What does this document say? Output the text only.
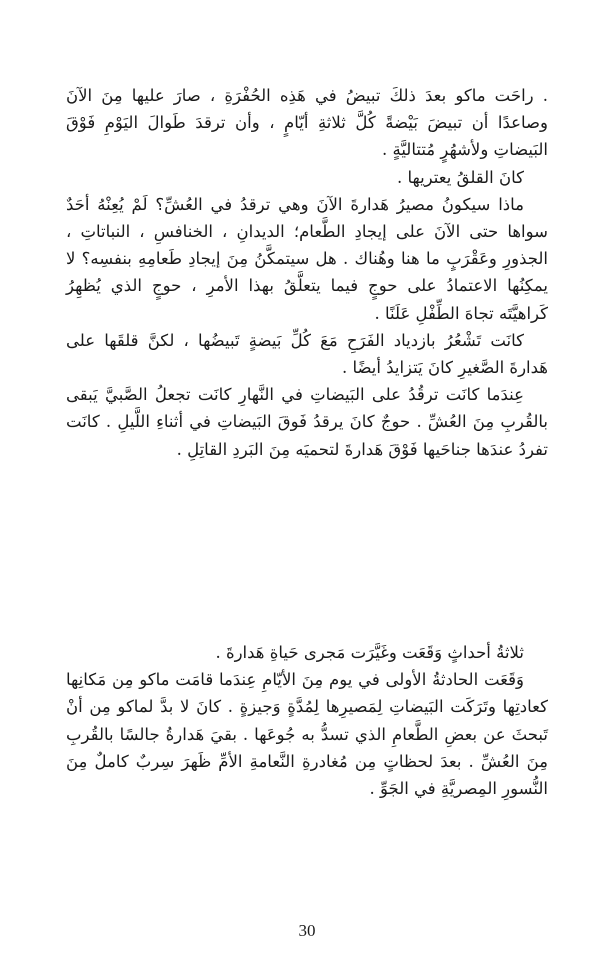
. راحَت ماكو بعدَ ذلكَ تبيضُ في هَذِه الحُفْرَةِ ، صارَ عليها مِنَ الآنَ وصاعدًا أن تبيضَ بَيْضةً كُلَّ ثلاثةِ أيّامٍ ، وأن ترقدَ طَوالَ اليَوْمِ فَوْقَ البَيضاتِ ولأشهُرٍ مُتتاليَّةٍ .

كانَ القلقُ يعتريها .

ماذا سيكونُ مصيرُ هَدارةَ الآنَ وهي ترقدُ في العُشِّ؟ لَمْ يُعِنْهُ أحَدٌ سواها حتى الآنَ على إيجادِ الطَّعام؛ الديدانِ ، الخنافسِ ، النباتاتِ ، الجذورِ وعَقْرَبٍ ما هنا وهُناك . هل سيتمكَّنُ مِنَ إيجادِ طَعامِهِ بنفسِه؟ لا يمكِنُها الاعتمادُ على حوجٍ فيما يتعلَّقُ بهذا الأمرِ ، حوجٍ الذي يُظهِرُ كَراهيَّتَه تجاهَ الطِّفْلِ عَلَنًا .

كانَت تَشْعُرُ بازدياد الفَرَحِ مَعَ كُلِّ بَيضةٍ تَبيضُها ، لكنَّ قلقَها على هَدارةَ الصَّغيرِ كانَ يَتزايدُ أيضًا .

عِندَما كانَت ترقُدُ على البَيضاتِ في النَّهارِ كانَت تجعلُ الصَّبيَّ يَبقى بالقُربِ مِنَ العُشِّ . حوجٌ كانَ يرقدُ فَوقَ البَيضاتِ في أثناءِ اللَّيلِ . كانَت تفردُ عندَها جناحَيها فَوْقَ هَدارةَ لتحميَه مِنَ البَردِ القاتِلِ .

ثلاثةُ أحداثٍ وَقَعَت وغَيَّرَت مَجرى حَياةِ هَدارةَ .

وَقَعَت الحادثةُ الأولى في يوم مِنَ الأيّامِ عِندَما قامَت ماكو مِن مَكانِها كعادتِها وتَرَكَت البَيضاتِ لِمَصيرِها لِمُدَّةٍ وَجيزةٍ . كانَ لا بدَّ لماكو مِن أنْ تَبحثَ عن بعضِ الطَّعامِ الذي تسدُّ به جُوعَها . بقيَ هَدارةُ جالسًا بالقُربِ مِنَ العُشِّ . بعدَ لحظاتٍ مِن مُغادرةِ النَّعامةِ الأمِّ ظَهرَ سِربٌ كاملٌ مِنَ النُّسورِ المِصريَّةِ في الجَوِّ .

30
